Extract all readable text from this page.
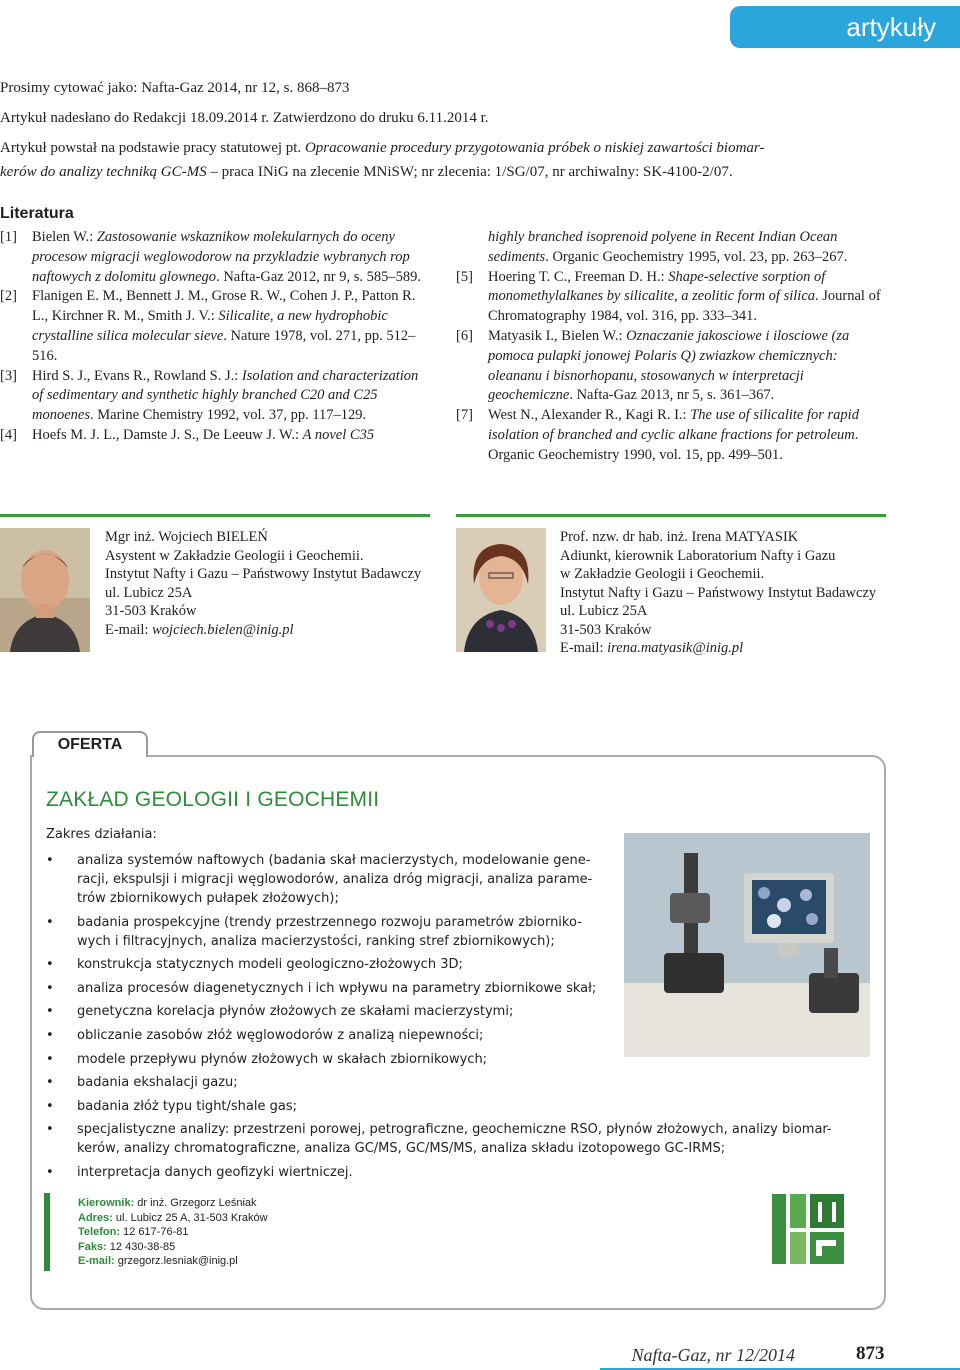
artykuły

Prosimy cytować jako: Nafta-Gaz 2014, nr 12, s. 868–873

Artykuł nadesłano do Redakcji 18.09.2014 r. Zatwierdzono do druku 6.11.2014 r.

Artykuł powstał na podstawie pracy statutowej pt. Opracowanie procedury przygotowania próbek o niskiej zawartości biomar-

kerów do analizy techniką GC-MS – praca INiG na zlecenie MNiSW; nr zlecenia: 1/SG/07, nr archiwalny: SK-4100-2/07.

Literatura

[1] Bielen W.: Zastosowanie wskaznikow molekularnych do oceny procesow migracji weglowodorow na przykladzie wybranych rop naftowych z dolomitu glownego. Nafta-Gaz 2012, nr 9, s. 585–589.

[2] Flanigen E. M., Bennett J. M., Grose R. W., Cohen J. P., Patton R. L., Kirchner R. M., Smith J. V.: Silicalite, a new hydrophobic crystalline silica molecular sieve. Nature 1978, vol. 271, pp. 512–516.

[3] Hird S. J., Evans R., Rowland S. J.: Isolation and characterization of sedimentary and synthetic highly branched C20 and C25 monoenes. Marine Chemistry 1992, vol. 37, pp. 117–129.

[4] Hoefs M. J. L., Damste J. S., De Leeuw J. W.: A novel C35

highly branched isoprenoid polyene in Recent Indian Ocean sediments. Organic Geochemistry 1995, vol. 23, pp. 263–267.

[5] Hoering T. C., Freeman D. H.: Shape-selective sorption of monomethylalkanes by silicalite, a zeolitic form of silica. Journal of Chromatography 1984, vol. 316, pp. 333–341.

[6] Matyasik I., Bielen W.: Oznaczanie jakosciowe i ilosciowe (za pomoca pulapki jonowej Polaris Q) zwiazkow chemicznych: oleananu i bisnorhopanu, stosowanych w interpretacji geochemiczne. Nafta-Gaz 2013, nr 5, s. 361–367.

[7] West N., Alexander R., Kagi R. I.: The use of silicalite for rapid isolation of branched and cyclic alkane fractions for petroleum. Organic Geochemistry 1990, vol. 15, pp. 499–501.

Mgr inż. Wojciech BIELEŃ
Asystent w Zakładzie Geologii i Geochemii.
Instytut Nafty i Gazu – Państwowy Instytut Badawczy
ul. Lubicz 25A
31-503 Kraków
E-mail: wojciech.bielen@inig.pl
Prof. nzw. dr hab. inż. Irena MATYASIK
Adiunkt, kierownik Laboratorium Nafty i Gazu
w Zakładzie Geologii i Geochemii.
Instytut Nafty i Gazu – Państwowy Instytut Badawczy
ul. Lubicz 25A
31-503 Kraków
E-mail: irena.matyasik@inig.pl
OFERTA
ZAKŁAD GEOLOGII I GEOCHEMII
Zakres działania:
• analiza systemów naftowych (badania skał macierzystych, modelowanie gene-
racji, ekspulsji i migracji węglowodorów, analiza dróg migracji, analiza parame-
trów zbiornikowych pułapek złożowych);
• badania prospekcyjne (trendy przestrzennego rozwoju parametrów zbiorniko-
wych i filtracyjnych, analiza macierzystości, ranking stref zbiornikowych);
• konstrukcja statycznych modeli geologiczno-złożowych 3D;
• analiza procesów diagenetycznych i ich wpływu na parametry zbiornikowe skał;
• genetyczna korelacja płynów złożowych ze skałami macierzystymi;
• obliczanie zasobów złóż węglowodorów z analizą niepewności;
• modele przepływu płynów złożowych w skałach zbiornikowych;
• badania ekshalacji gazu;
• badania złóż typu tight/shale gas;
• specjalistyczne analizy: przestrzeni porowej, petrograficzne, geochemiczne RSO, płynów złożowych, analizy biomar-
kerów, analizy chromatograficzne, analiza GC/MS, GC/MS/MS, analiza składu izotopowego GC-IRMS;
• interpretacja danych geofizyki wiertniczej.
Kierownik: dr inż. Grzegorz Leśniak
Adres: ul. Lubicz 25 A, 31-503 Kraków
Telefon: 12 617-76-81
Faks: 12 430-38-85
E-mail: grzegorz.lesniak@inig.pl
Nafta-Gaz, nr 12/2014	873
